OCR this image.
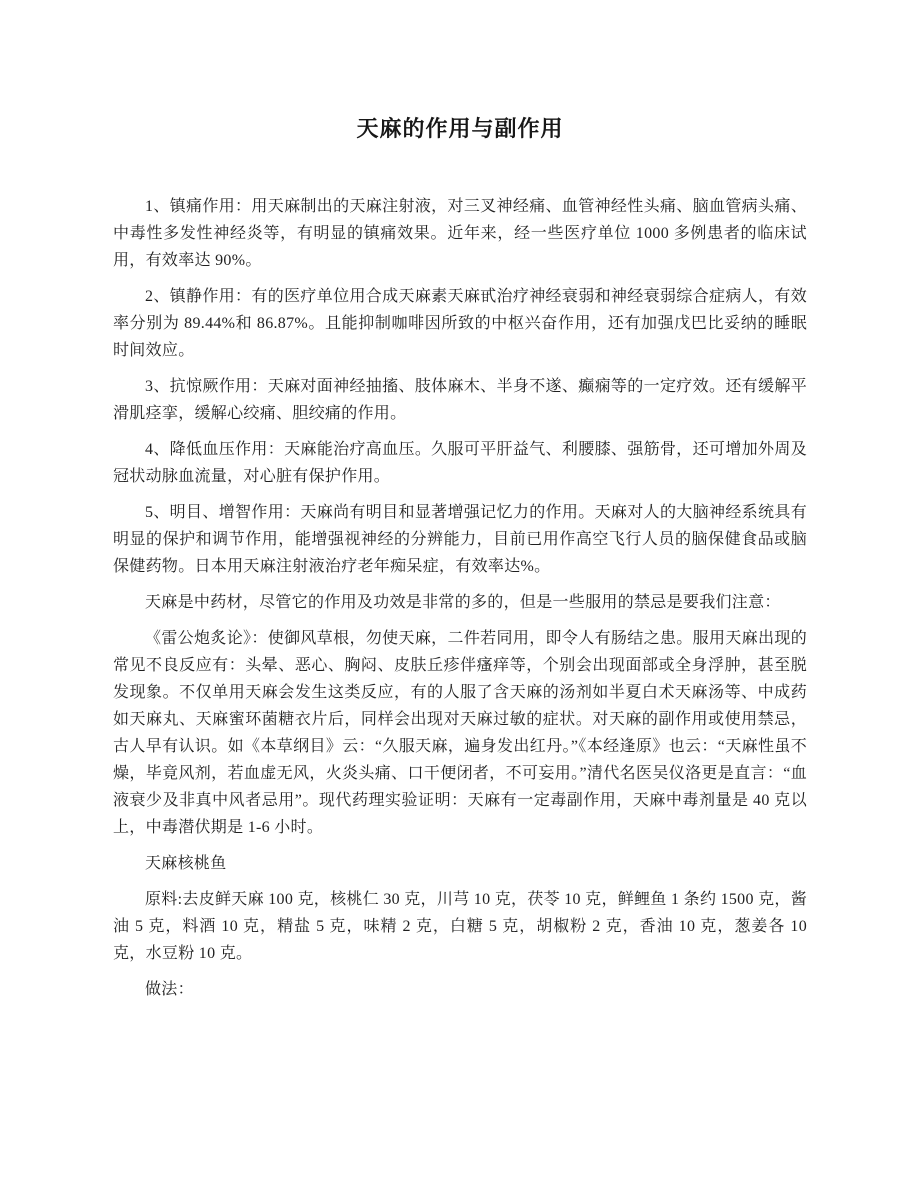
天麻的作用与副作用

1、镇痛作用：用天麻制出的天麻注射液，对三叉神经痛、血管神经性头痛、脑血管病头痛、中毒性多发性神经炎等，有明显的镇痛效果。近年来，经一些医疗单位 1000 多例患者的临床试用，有效率达 90%。

2、镇静作用：有的医疗单位用合成天麻素天麻甙治疗神经衰弱和神经衰弱综合症病人，有效率分别为 89.44%和 86.87%。且能抑制咖啡因所致的中枢兴奋作用，还有加强戊巴比妥纳的睡眠时间效应。

3、抗惊厥作用：天麻对面神经抽搐、肢体麻木、半身不遂、癫痫等的一定疗效。还有缓解平滑肌痉挛，缓解心绞痛、胆绞痛的作用。

4、降低血压作用：天麻能治疗高血压。久服可平肝益气、利腰膝、强筋骨，还可增加外周及冠状动脉血流量，对心脏有保护作用。

5、明目、增智作用：天麻尚有明目和显著增强记忆力的作用。天麻对人的大脑神经系统具有明显的保护和调节作用，能增强视神经的分辨能力，目前已用作高空飞行人员的脑保健食品或脑保健药物。日本用天麻注射液治疗老年痴呆症，有效率达%。

天麻是中药材，尽管它的作用及功效是非常的多的，但是一些服用的禁忌是要我们注意：

《雷公炮炙论》：使御风草根，勿使天麻，二件若同用，即令人有肠结之患。服用天麻出现的常见不良反应有：头晕、恶心、胸闷、皮肤丘疹伴瘙痒等，个别会出现面部或全身浮肿，甚至脱发现象。不仅单用天麻会发生这类反应，有的人服了含天麻的汤剂如半夏白术天麻汤等、中成药如天麻丸、天麻蜜环菌糖衣片后，同样会出现对天麻过敏的症状。对天麻的副作用或使用禁忌，古人早有认识。如《本草纲目》云：“久服天麻，遍身发出红丹。”《本经逢原》也云：“天麻性虽不燥，毕竟风剂，若血虚无风，火炎头痛、口干便闭者，不可妄用。”清代名医吴仪洛更是直言：“血液衰少及非真中风者忌用”。现代药理实验证明：天麻有一定毒副作用，天麻中毒剂量是 40 克以上，中毒潜伏期是 1-6 小时。

天麻核桃鱼

原料:去皮鲜天麻 100 克，核桃仁 30 克，川芎 10 克，茯苓 10 克，鲜鲤鱼 1 条约 1500 克，酱油 5 克，料酒 10 克，精盐 5 克，味精 2 克，白糖 5 克，胡椒粉 2 克，香油 10 克，葱姜各 10 克，水豆粉 10 克。

做法：
